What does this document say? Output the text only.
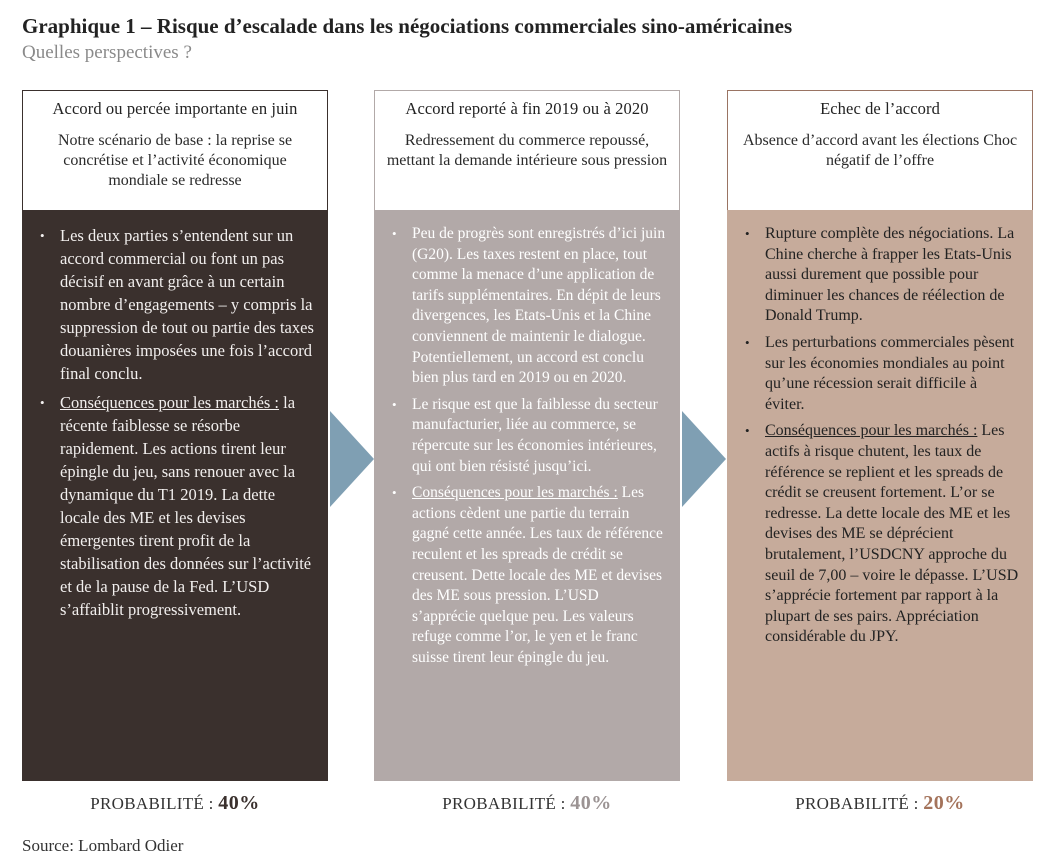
Graphique 1 – Risque d’escalade dans les négociations commerciales sino-américaines
Quelles perspectives ?
Accord ou percée importante en juin
Notre scénario de base : la reprise se concrétise et l’activité économique mondiale se redresse
• Les deux parties s’entendent sur un accord commercial ou font un pas décisif en avant grâce à un certain nombre d’engagements – y compris la suppression de tout ou partie des taxes douanières imposées une fois l’accord final conclu.
• Conséquences pour les marchés : la récente faiblesse se résorbe rapidement. Les actions tirent leur épingle du jeu, sans renouer avec la dynamique du T1 2019. La dette locale des ME et les devises émergentes tirent profit de la stabilisation des données sur l’activité et de la pause de la Fed. L’USD s’affaiblit progressivement.
Accord reporté à fin 2019 ou à 2020
Redressement du commerce repoussé, mettant la demande intérieure sous pression
• Peu de progrès sont enregistrés d’ici juin (G20). Les taxes restent en place, tout comme la menace d’une application de tarifs supplémentaires. En dépit de leurs divergences, les Etats-Unis et la Chine conviennent de maintenir le dialogue. Potentiellement, un accord est conclu bien plus tard en 2019 ou en 2020.
• Le risque est que la faiblesse du secteur manufacturier, liée au commerce, se répercute sur les économies intérieures, qui ont bien résisté jusqu’ici.
• Conséquences pour les marchés : Les actions cèdent une partie du terrain gagné cette année. Les taux de référence reculent et les spreads de crédit se creusent. Dette locale des ME et devises des ME sous pression. L’USD s’apprécie quelque peu. Les valeurs refuge comme l’or, le yen et le franc suisse tirent leur épingle du jeu.
Echec de l’accord
Absence d’accord avant les élections Choc négatif de l’offre
• Rupture complète des négociations. La Chine cherche à frapper les Etats-Unis aussi durement que possible pour diminuer les chances de réélection de Donald Trump.
• Les perturbations commerciales pèsent sur les économies mondiales au point qu’une récession serait difficile à éviter.
• Conséquences pour les marchés : Les actifs à risque chutent, les taux de référence se replient et les spreads de crédit se creusent fortement. L’or se redresse. La dette locale des ME et les devises des ME se déprécient brutalement, l’USDCNY approche du seuil de 7,00 – voire le dépasse. L’USD s’apprécie fortement par rapport à la plupart de ses pairs. Appréciation considérable du JPY.
PROBABILITÉ : 40%	PROBABILITÉ : 40%	PROBABILITÉ : 20%
Source: Lombard Odier
